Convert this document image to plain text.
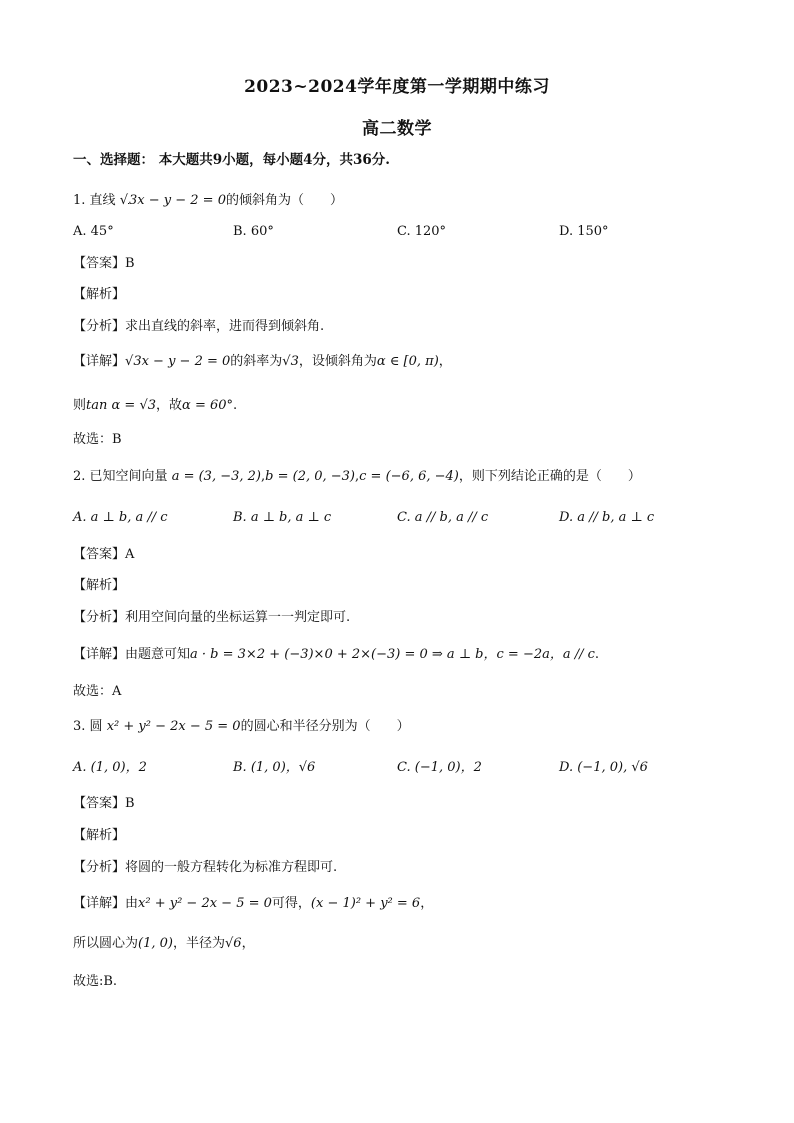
2023~2024学年度第一学期期中练习
高二数学
一、选择题： 本大题共9小题，每小题4分，共36分.
1. 直线 √3x − y − 2 = 0的倾斜角为（　　）
A. 45°	B. 60°	C. 120°	D. 150°
【答案】B
【解析】
【分析】求出直线的斜率，进而得到倾斜角.
【详解】√3x − y − 2 = 0的斜率为√3，设倾斜角为α ∈ [0, π)，
则tan α = √3，故α = 60°.
故选：B
2. 已知空间向量 a = (3, −3, 2),b = (2, 0, −3),c = (−6, 6, −4)，则下列结论正确的是（　　）
A. a ⊥ b, a // c	B. a ⊥ b, a ⊥ c	C. a // b, a // c	D. a // b, a ⊥ c
【答案】A
【解析】
【分析】利用空间向量的坐标运算一一判定即可.
【详解】由题意可知a · b = 3×2 + (−3)×0 + 2×(−3) = 0 ⇒ a ⊥ b，c = −2a，a // c.
故选：A
3. 圆 x² + y² − 2x − 5 = 0的圆心和半径分别为（　　）
A. (1, 0)，2	B. (1, 0)，√6	C. (−1, 0)，2	D. (−1, 0), √6
【答案】B
【解析】
【分析】将圆的一般方程转化为标准方程即可.
【详解】由x² + y² − 2x − 5 = 0可得，(x − 1)² + y² = 6，
所以圆心为(1, 0)，半径为√6，
故选:B.
